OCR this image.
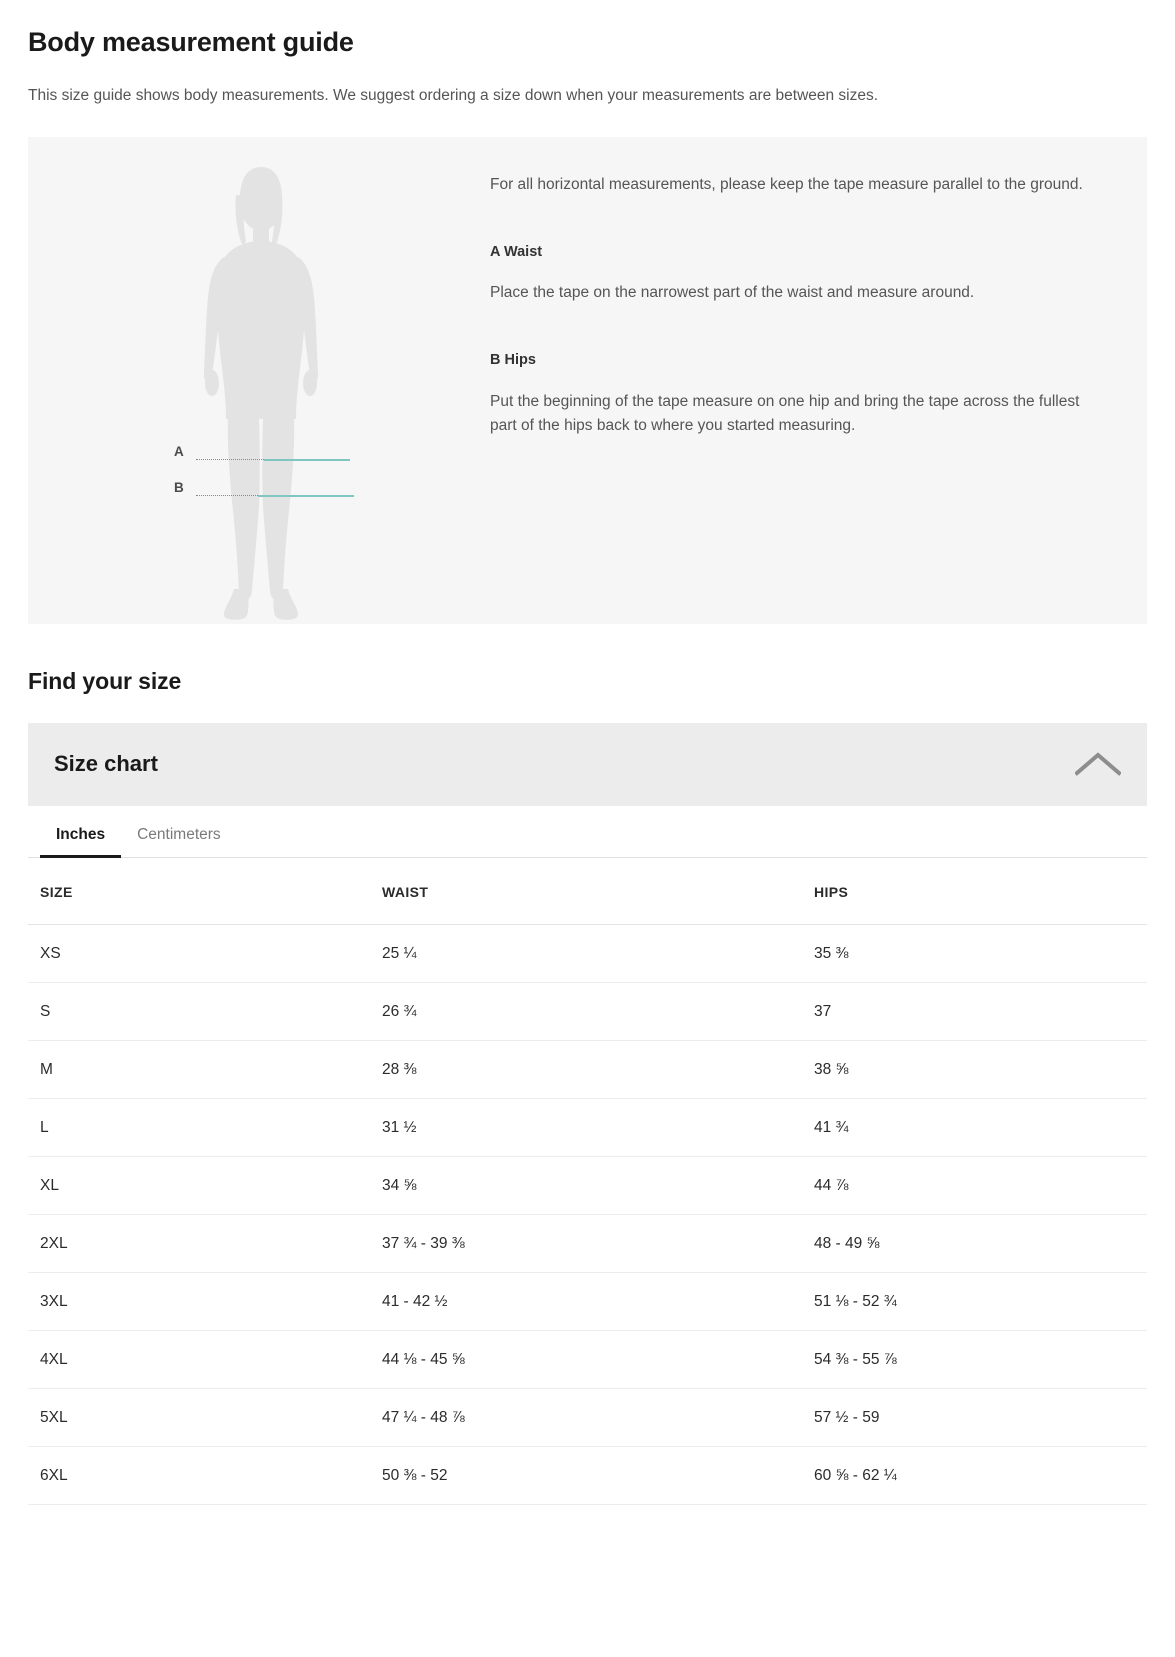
Body measurement guide

This size guide shows body measurements. We suggest ordering a size down when your measurements are between sizes.

A
B

For all horizontal measurements, please keep the tape measure parallel to the ground.

A Waist

Place the tape on the narrowest part of the waist and measure around.

B Hips

Put the beginning of the tape measure on one hip and bring the tape across the fullest part of the hips back to where you started measuring.

Find your size
Size chart
Inches	Centimeters
SIZE	WAIST	HIPS
XS	25 ¼	35 ⅜
S	26 ¾	37
M	28 ⅜	38 ⅝
L	31 ½	41 ¾
XL	34 ⅝	44 ⅞
2XL	37 ¾ - 39 ⅜	48 - 49 ⅝
3XL	41 - 42 ½	51 ⅛ - 52 ¾
4XL	44 ⅛ - 45 ⅝	54 ⅜ - 55 ⅞
5XL	47 ¼ - 48 ⅞	57 ½ - 59
6XL	50 ⅜ - 52	60 ⅝ - 62 ¼
